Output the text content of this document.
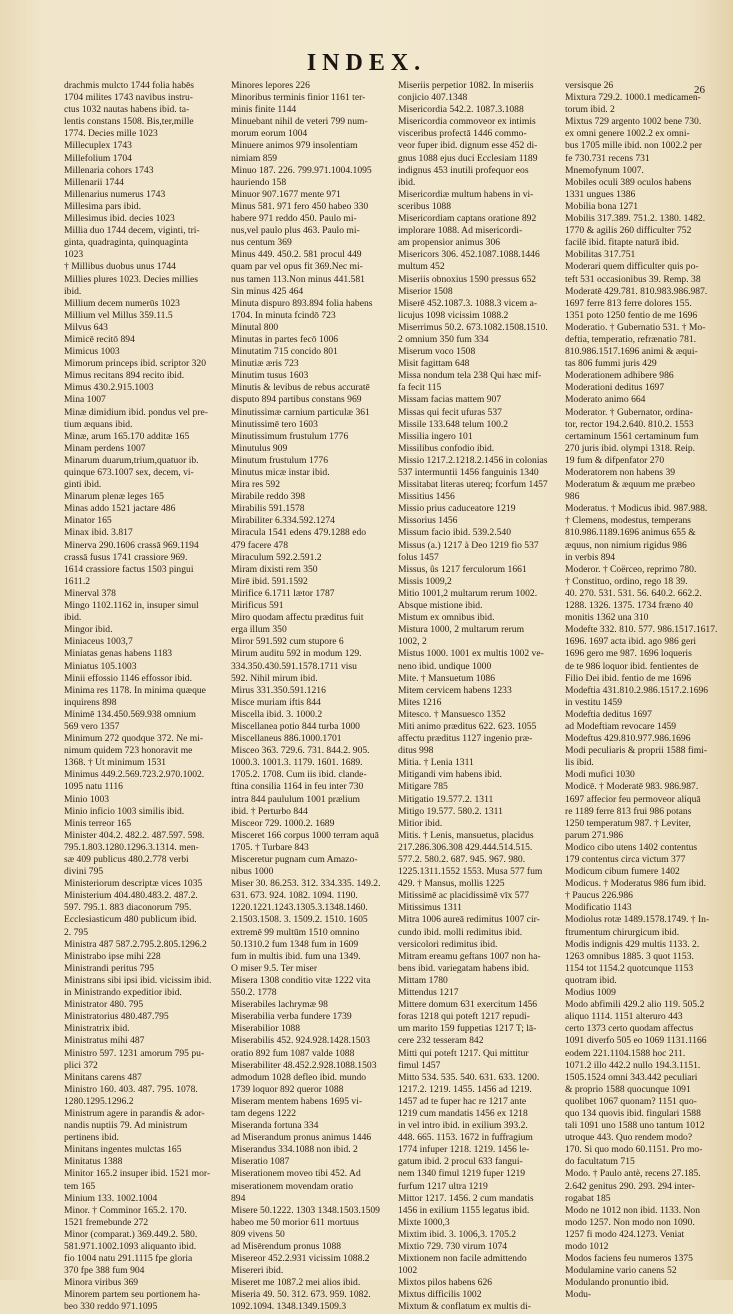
INDEX.
26

drachmis mulcto 1744 folia habēs

1704 milites 1743 navibus instru-

ctus 1032 nautas habens ibid. ta-

lentis constans 1508. Bis,ter,mille

1774. Decies mille 1023

Millecuplex 1743

Millefolium 1704

Millenaria cohors 1743

Millenarii 1744

Millenarius numerus 1743

Millesima pars ibid.

Millesimus ibid. decies 1023

Millia duo 1744 decem, viginti, tri-

ginta, quadraginta, quinquaginta

1023

† Millibus duobus unus 1744

Millies plures 1023. Decies millies

ibid.

Millium decem numerūs 1023

Millium vel Millus 359.11.5

Milvus 643

Mimicē recitō 894

Mimicus 1003

Mimorum princeps ibid. scriptor 320

Mimus recitans 894 recito ibid.

Mimus 430.2.915.1003

Mina 1007

Minæ dimidium ibid. pondus vel pre-

tium æquans ibid.

Minæ, arum 165.170 additæ 165

Minam perdens 1007

Minarum duarum,trium,quatuor ib.

quinque 673.1007 sex, decem, vi-

ginti ibid.

Minarum plenæ leges 165

Minas addo 1521 jactare 486

Minator 165

Minax ibid. 3.817

Minerva 290.1606 crassā 969.1194

crassā fusus 1741 crassiore 969.

1614 crassiore factus 1503 pingui

1611.2

Minerval 378

Mingo 1102.1162 in, insuper simul

ibid.

Mingor ibid.

Miniaceus 1003,7

Miniatas genas habens 1183

Miniatus 105.1003

Minii effossio 1146 effossor ibid.

Minima res 1178. In minima quæque

inquirens 898

Minimē 134.450.569.938 omnium

569 vero 1357

Minimum 272 quodque 372. Ne mi-

nimum quidem 723 honoravit me

1368. † Ut minimum 1531

Minimus 449.2.569.723.2.970.1002.

1095 natu 1116

Minio 1003

Minio inficio 1003 similis ibid.

Minis terreor 165

Minister 404.2. 482.2. 487.597. 598.

795.1.803.1280.1296.3.1314. men-

sæ 409 publicus 480.2.778 verbi

divini 795

Ministeriorum descriptæ vices 1035

Ministerium 404.480.483.2. 487.2.

597. 795.1. 883 diaconorum 795.

Ecclesiasticum 480 publicum ibid.

2. 795

Ministra 487 587.2.795.2.805.1296.2

Ministrabo ipse mihi 228

Ministrandi peritus 795

Ministrans sibi ipsi ibid. vicissim ibid.

in Ministrando expeditior ibid.

Ministrator 480. 795

Ministratorius 480.487.795

Ministratrix ibid.

Ministratus mihi 487

Ministro 597. 1231 amorum 795 pu-

plici 372

Minitans carens 487

Ministro 160. 403. 487. 795. 1078.

1280.1295.1296.2

Ministrum agere in parandis & ador-

nandis nuptiis 79. Ad ministrum

pertinens ibid.

Minitans ingentes mulctas 165

Minitatus 1388

Minitor 165.2 insuper ibid. 1521 mor-

tem 165

Minium 133. 1002.1004

Minor. † Comminor 165.2. 170.

1521 fremebunde 272

Minor (comparat.) 369.449.2. 580.

581.971.1002.1093 aliquanto ibid.

fio 1004 natu 291.1115 fpe gloria

370 fpe 388 fum 904

Minora viribus 369

Minorem partem seu portionem ha-

beo 330 reddo 971.1095

Minores lepores 226

Minoribus terminis finior 1161 ter-

minis finite 1144

Minuebant nihil de veteri 799 num-

morum eorum 1004

Minuere animos 979 insolentiam

nimiam 859

Minuo 187. 226. 799.971.1004.1095

hauriendo 158

Minuor 907.1677 mente 971

Minus 581. 971 fero 450 habeo 330

habere 971 reddo 450. Paulo mi-

nus,vel paulo plus 463. Paulo mi-

nus centum 369

Minus 449. 450.2. 581 procul 449

quam par vel opus fit 369.Nec mi-

nus tamen 113.Non minus 441.581

Sin minus 425 464

Minuta dispuro 893.894 folia habens

1704. In minuta fcindō 723

Minutal 800

Minutas in partes fecō 1006

Minutatim 715 concido 801

Minutiæ æris 723

Minutim tusus 1603

Minutis & levibus de rebus accuratē

disputo 894 partibus constans 969

Minutissimæ carnium particulæ 361

Minutissimē tero 1603

Minutissimum frustulum 1776

Minutulus 909

Minutum frustulum 1776

Minutus micæ instar ibid.

Mira res 592

Mirabile reddo 398

Mirabilis 591.1578

Mirabiliter 6.334.592.1274

Miracula 1541 edens 479.1288 edo

479 facere 478

Miraculum 592.2.591.2

Miram dixisti rem 350

Mirē ibid. 591.1592

Mirifice 6.1711 lætor 1787

Mirificus 591

Miro quodam affectu præditus fuit

erga illum 350

Miror 591.592 cum stupore 6

Mirum auditu 592 in modum 129.

334.350.430.591.1578.1711 visu

592. Nihil mirum ibid.

Mirus 331.350.591.1216

Misce muriam iftis 844

Miscella ibid. 3. 1000.2

Miscellanea potio 844 turba 1000

Miscellaneus 886.1000.1701

Misceo 363. 729.6. 731. 844.2. 905.

1000.3. 1001.3. 1179. 1601. 1689.

1705.2. 1708. Cum iis ibid. clande-

ftina consilia 1164 in feu inter 730

intra 844 paululum 1001 prælium

ibid. † Perturbo 844

Misceor 729. 1000.2. 1689

Misceret 166 corpus 1000 terram aquā

1705. † Turbare 843

Misceretur pugnam cum Amazo-

nibus 1000

Miser 30. 86.253. 312. 334.335. 149.2.

631. 673. 924. 1082. 1094. 1190.

1220.1221.1243.1305.3.1348.1460.

2.1503.1508. 3. 1509.2. 1510. 1605

extremē 99 multūm 1510 omnino

50.1310.2 fum 1348 fum in 1609

fum in multis ibid. fum una 1349.

O miser 9.5. Ter miser

Misera 1308 conditio vitæ 1222 vita

550.2. 1778

Miserabiles lachrymæ 98

Miserabilia verba fundere 1739

Miserabilior 1088

Miserabilis 452. 924.928.1428.1503

oratio 892 fum 1087 valde 1088

Miserabiliter 48.452.2.928.1088.1503

admodum 1028 defleo ibid. mundo

1739 loquor 892 queror 1088

Miseram mentem habens 1695 vi-

tam degens 1222

Miseranda fortuna 334

ad Miserandum pronus animus 1446

Miserandus 334.1088 non ibid. 2

Miseratio 1087

Miserationem moveo tibi 452. Ad

miserationem movendam oratio

894

Misere 50.1222. 1303 1348.1503.1509

habeo me 50 morior 611 mortuus

809 vivens 50

ad Misērendum pronus 1088

Misereor 452.2.931 vicissim 1088.2

Misereri ibid.

Miseret me 1087.2 mei alios ibid.

Miseria 49. 50. 312. 673. 959. 1082.

1092.1094. 1348.1349.1509.3

Miseriis perpetior 1082. In miseriis

conjicio 407.1348

Misericordia 542.2. 1087.3.1088

Misericordia commoveor ex intimis

visceribus profectā 1446 commo-

veor fuper ibid. dignum esse 452 di-

gnus 1088 ejus duci Ecclesiam 1189

indignus 453 inutili profequor eos

ibid.

Misericordiæ multum habens in vi-

sceribus 1088

Misericordiam captans oratione 892

implorare 1088. Ad misericordi-

am propensior animus 306

Misericors 306. 452.1087.1088.1446

multum 452

Miseriis obnoxius 1590 pressus 652

Miserior 1508

Miserē 452.1087.3. 1088.3 vicem a-

licujus 1098 vicissim 1088.2

Miserrimus 50.2. 673.1082.1508.1510.

2 omnium 350 fum 334

Miserum voco 1508

Misit fagittam 648

Missa nondum tela 238 Qui hæc mif-

fa fecit 115

Missam facias mattem 907

Missas qui fecit ufuras 537

Missile 133.648 telum 100.2

Missilia ingero 101

Missilibus confodio ibid.

Missio 1217.2.1218.2.1456 in colonias

537 intermuntii 1456 fanguinis 1340

Missitabat literas utereq; fcorfum 1457

Missitius 1456

Missio prius caduceatore 1219

Missorius 1456

Missum facio ibid. 539.2.540

Missus (a.) 1217 à Deo 1219 fio 537

folus 1457

Missus, ûs 1217 ferculorum 1661

Missis 1009,2

Mitio 1001,2 multarum rerum 1002.

Absque mistione ibid.

Mistum ex omnibus ibid.

Mistura 1000, 2 multarum rerum

1002, 2

Mistus 1000. 1001 ex multis 1002 ve-

neno ibid. undique 1000

Mite. † Mansuetum 1086

Mitem cervicem habens 1233

Mites 1216

Mitesco. † Mansuesco 1352

Miti animo præditus 622. 623. 1055

affectu præditus 1127 ingenio præ-

ditus 998

Mitia. † Lenia 1311

Mitigandi vim habens ibid.

Mitigare 785

Mitigatio 19.577.2. 1311

Mitigo 19.577. 580.2. 1311

Mitior ibid.

Mitis. † Lenis, mansuetus, placidus

217.286.306.308 429.444.514.515.

577.2. 580.2. 687. 945. 967. 980.

1225.1311.1552 1553. Musa 577 fum

429. † Mansus, mollis 1225

Mitissimē ac placidissimē vīx 577

Mitissimus 1311

Mitra 1006 aureā redimitus 1007 cir-

cundo ibid. molli redimitus ibid.

versicolori redimitus ibid.

Mitram ereamu geftans 1007 non ha-

bens ibid. variegatam habens ibid.

Mittam 1780

Mittendus 1217

Mittere domum 631 exercitum 1456

foras 1218 qui poteft 1217 repudi-

um marito 159 fuppetias 1217 T; lā-

cere 232 tesseram 842

Mitti qui poteft 1217. Qui mittitur

fimul 1457

Mitto 534. 535. 540. 631. 633. 1200.

1217.2. 1219. 1455. 1456 ad 1219.

1457 ad te fuper hac re 1217 ante

1219 cum mandatis 1456 ex 1218

in vel intro ibid. in exilium 393.2.

448. 665. 1153. 1672 in fuffragium

1774 infuper 1218. 1219. 1456 le-

gatum ibid. 2 procul 633 fangui-

nem 1340 fimul 1219 fuper 1219

furfum 1217 ultra 1219

Mittor 1217. 1456. 2 cum mandatis

1456 in exilium 1155 legatus ibid.

Mixte 1000,3

Mixtim ibid. 3. 1006,3. 1705.2

Mixtio 729. 730 virum 1074

Mixtionem non facile admittendo

1002

Mixtos pilos habens 626

Mixtus difficilis 1002

Mixtum & conflatum ex multis di-

versisque 26

Mixtura 729.2. 1000.1 medicamen-

torum ibid. 2

Mixtus 729 argento 1002 bene 730.

ex omni genere 1002.2 ex omni-

bus 1705 mille ibid. non 1002.2 per

fe 730.731 recens 731

Mnemofynum 1007.

Mobiles oculi 389 oculos habens

1331 ungues 1386

Mobilia bona 1271

Mobilis 317.389. 751.2. 1380. 1482.

1770 & agilis 260 difficulter 752

facilē ibid. fitapte naturā ibid.

Mobilitas 317.751

Moderari quem difficulter quis po-

teft 531 occasionibus 39. Remp. 38

Moderatē 429.781. 810.983.986.987.

1697 ferre 813 ferre dolores 155.

1351 poto 1250 fentio de me 1696

Moderatio. † Gubernatio 531. † Mo-

deftia, temperatio, refrænatio 781.

810.986.1517.1696 animi & æqui-

tas 806 fummi juris 429

Moderationem adhibere 986

Moderationi deditus 1697

Moderato animo 664

Moderator. † Gubernator, ordina-

tor, rector 194.2.640. 810.2. 1553

certaminum 1561 certaminum fum

270 juris ibid. olympi 1318. Reip.

19 fum & difpenfator 270

Moderatorem non habens 39

Moderatum & æquum me præbeo

986

Moderatus. † Modicus ibid. 987.988.

† Clemens, modestus, temperans

810.986.1189.1696 animus 655 &

æquus, non nimium rigidus 986

in verbis 894

Moderor. † Coërceo, reprimo 780.

† Constituo, ordino, rego 18 39.

40. 270. 531. 531. 56. 640.2. 662.2.

1288. 1326. 1375. 1734 fræno 40

monitis 1362 una 310

Modefte 332. 810. 577. 986.1517.1617.

1696. 1697 acta ibid. ago 986 geri

1696 gero me 987. 1696 loqueris

de te 986 loquor ibid. fentientes de

Filio Dei ibid. fentio de me 1696

Modeftia 431.810.2.986.1517.2.1696

in vestitu 1459

Modeftia deditus 1697

ad Modeftiam revocare 1459

Modeftus 429.810.977.986.1696

Modi peculiaris & proprii 1588 fimi-

lis ibid.

Modi mufici 1030

Modicē. † Moderatē 983. 986.987.

1697 affecior feu permoveor aliquā

re 1189 ferre 813 frui 986 potans

1250 temperatum 987. † Leviter,

parum 271.986

Modico cibo utens 1402 contentus

179 contentus circa victum 377

Modicum cibum fumere 1402

Modicus. † Moderatus 986 fum ibid.

† Paucus 226.986

Modificatio 1143

Modiolus rotæ 1489.1578.1749. † In-

ftrumentum chirurgicum ibid.

Modis indignis 429 multis 1133. 2.

1263 omnibus 1885. 3 quot 1153.

1154 tot 1154.2 quotcunque 1153

quotram ibid.

Modius 1009

Modo abfimili 429.2 alio 119. 505.2

aliquo 1114. 1151 alteruro 443

certo 1373 certo quodam affectus

1091 diverfo 505 eo 1069 1131.1166

eodem 221.1104.1588 hoc 211.

1071.2 illo 442.2 nullo 194.3.1151.

1505.1524 omni 343.442 peculiari

& proprio 1588 quocunque 1091

quolibet 1067 quonam? 1151 quo-

quo 134 quovis ibid. fingulari 1588

tali 1091 uno 1588 uno tantum 1012

utroque 443. Quo rendem modo?

170. Si quo modo 60.1151. Pro mo-

do facultatum 715

Modo. † Paulo antè, recens 27.185.

2.642 genitus 290. 293. 294 inter-

rogabat 185

Modo ne 1012 non ibid. 1133. Non

modo 1257. Non modo non 1090.

1257 fi modo 424.1273. Veniat

modo 1012

Modos faciens feu numeros 1375

Modulamine vario canens 52

Modulando pronuntio ibid.

Modu-
